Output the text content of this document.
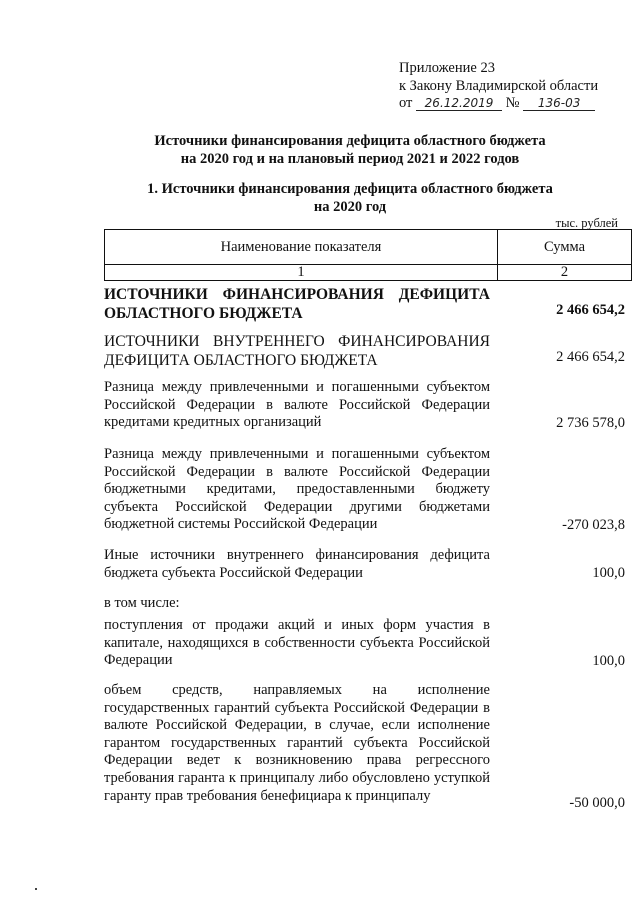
Приложение 23
к Закону Владимирской области
от 26.12.2019 № 136-03
Источники финансирования дефицита областного бюджета
на 2020 год и на плановый период 2021 и 2022 годов
1. Источники финансирования дефицита областного бюджета
на 2020 год
тыс. рублей
Наименование показателя	Сумма
1	2
ИСТОЧНИКИ ФИНАНСИРОВАНИЯ ДЕФИЦИТА ОБЛАСТНОГО БЮДЖЕТА	2 466 654,2
ИСТОЧНИКИ ВНУТРЕННЕГО ФИНАНСИРОВАНИЯ ДЕФИЦИТА ОБЛАСТНОГО БЮДЖЕТА	2 466 654,2
Разница между привлеченными и погашенными субъектом Российской Федерации в валюте Российской Федерации кредитами кредитных организаций	2 736 578,0
Разница между привлеченными и погашенными субъектом Российской Федерации в валюте Российской Федерации бюджетными кредитами, предоставленными бюджету субъекта Российской Федерации другими бюджетами бюджетной системы Российской Федерации	-270 023,8
Иные источники внутреннего финансирования дефицита бюджета субъекта Российской Федерации	100,0
в том числе:
поступления от продажи акций и иных форм участия в капитале, находящихся в собственности субъекта Российской Федерации	100,0
объем средств, направляемых на исполнение государственных гарантий субъекта Российской Федерации в валюте Российской Федерации, в случае, если исполнение гарантом государственных гарантий субъекта Российской Федерации ведет к возникновению права регрессного требования гаранта к принципалу либо обусловлено уступкой гаранту прав требования бенефициара к принципалу	-50 000,0
